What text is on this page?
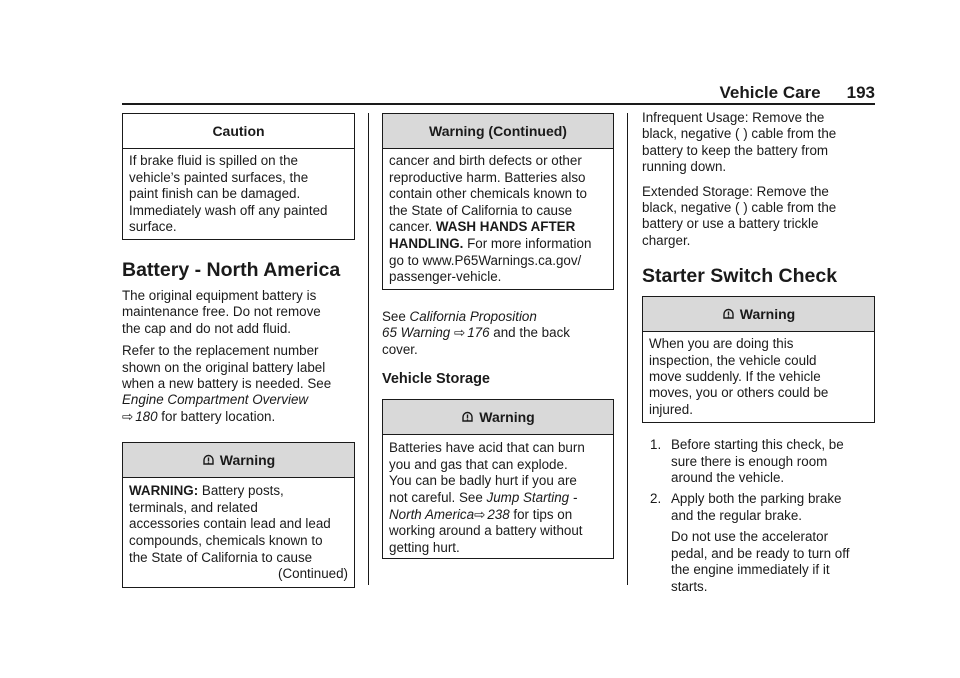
Vehicle Care 193
Caution

If brake fluid is spilled on the

vehicle’s painted surfaces, the

paint finish can be damaged.

Immediately wash off any painted

surface.

Battery - North America

The original equipment battery is

maintenance free. Do not remove

the cap and do not add fluid.

Refer to the replacement number

shown on the original battery label

when a new battery is needed. See

Engine Compartment Overview

⇨ 180 for battery location.

Warning

WARNING: Battery posts,

terminals, and related

accessories contain lead and lead

compounds, chemicals known to

the State of California to cause

(Continued)

Warning (Continued)

cancer and birth defects or other

reproductive harm. Batteries also

contain other chemicals known to

the State of California to cause

cancer. WASH HANDS AFTER

HANDLING. For more information

go to www.P65Warnings.ca.gov/

passenger-vehicle.

See California Proposition

65 Warning ⇨ 176 and the back

cover.

Vehicle Storage
Warning

Batteries have acid that can burn

you and gas that can explode.

You can be badly hurt if you are

not careful. See Jump Starting -

North America⇨ 238 for tips on

working around a battery without

getting hurt.

Infrequent Usage: Remove the

black, negative ( ) cable from the

battery to keep the battery from

running down.

Extended Storage: Remove the

black, negative ( ) cable from the

battery or use a battery trickle

charger.

Starter Switch Check
Warning

When you are doing this

inspection, the vehicle could

move suddenly. If the vehicle

moves, you or others could be

injured.

1. Before starting this check, be

sure there is enough room

around the vehicle.

2. Apply both the parking brake

and the regular brake.

Do not use the accelerator

pedal, and be ready to turn off

the engine immediately if it

starts.
